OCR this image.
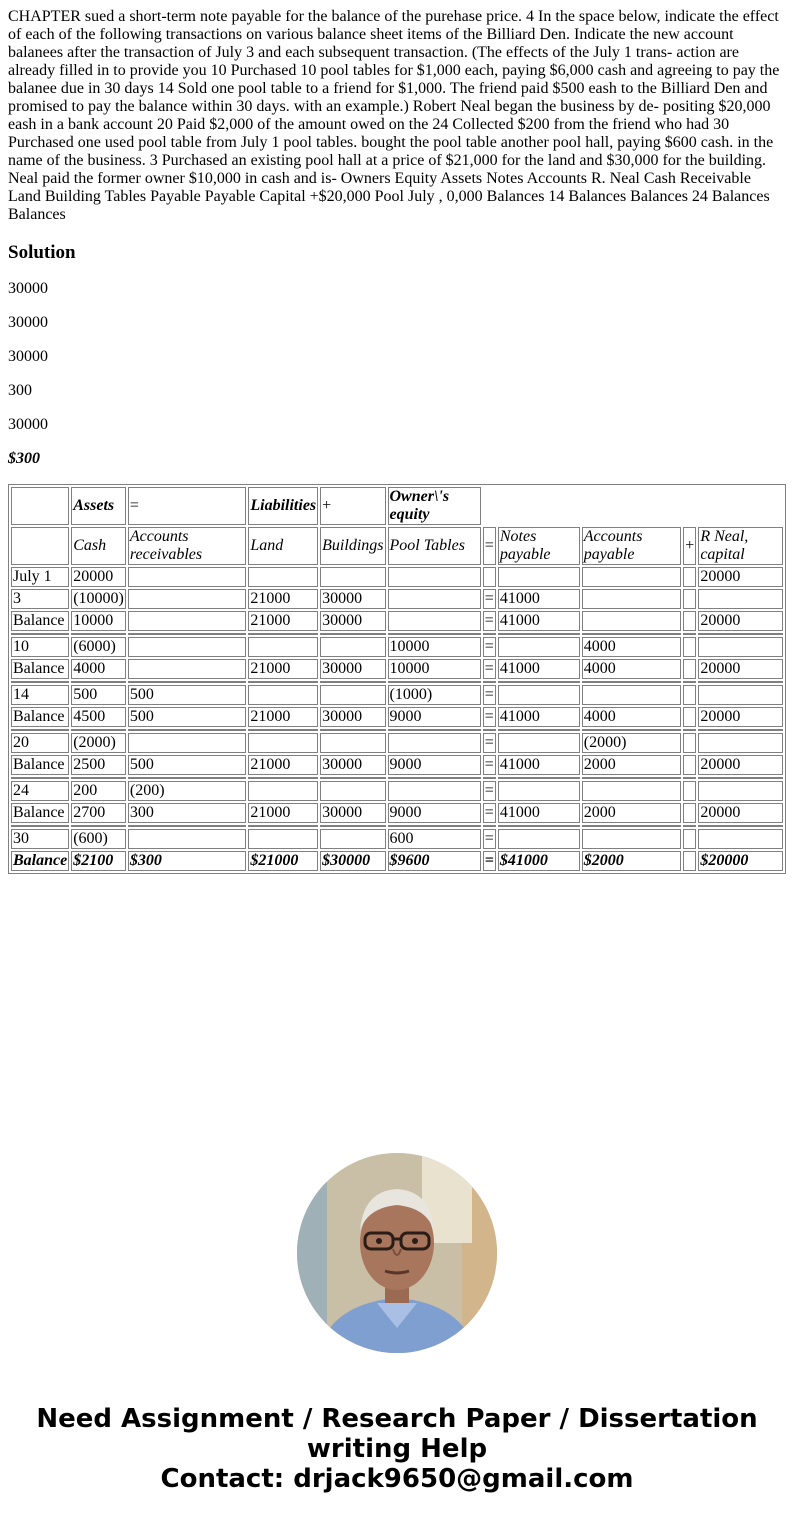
CHAPTER sued a short-term note payable for the balance of the purehase price. 4 In the space below, indicate the effect of each of the following transactions on various balance sheet items of the Billiard Den. Indicate the new account balanees after the transaction of July 3 and each subsequent transaction. (The effects of the July 1 trans- action are already filled in to provide you 10 Purchased 10 pool tables for $1,000 each, paying $6,000 cash and agreeing to pay the balanee due in 30 days 14 Sold one pool table to a friend for $1,000. The friend paid $500 eash to the Billiard Den and promised to pay the balance within 30 days. with an example.) Robert Neal began the business by de- positing $20,000 eash in a bank account 20 Paid $2,000 of the amount owed on the 24 Collected $200 from the friend who had 30 Purchased one used pool table from July 1 pool tables. bought the pool table another pool hall, paying $600 cash. in the name of the business. 3 Purchased an existing pool hall at a price of $21,000 for the land and $30,000 for the building. Neal paid the former owner $10,000 in cash and is- Owners Equity Assets Notes Accounts R. Neal Cash Receivable Land Building Tables Payable Payable Capital +$20,000 Pool July , 0,000 Balances 14 Balances Balances 24 Balances Balances

Solution

30000

30000

30000

300

30000

$300

	Assets	=	Liabilities	+	Owner\'s equity					
	Cash	Accounts receivables	Land	Buildings	Pool Tables	=	Notes payable	Accounts payable	+	R Neal, capital
July 1	20000									20000
3	(10000)		21000	30000		=	41000			
Balance	10000		21000	30000		=	41000			20000

10	(6000)				10000	=		4000		
Balance	4000		21000	30000	10000	=	41000	4000		20000

14	500	500			(1000)	=				
Balance	4500	500	21000	30000	9000	=	41000	4000		20000

20	(2000)					=		(2000)		
Balance	2500	500	21000	30000	9000	=	41000	2000		20000

24	200	(200)				=				
Balance	2700	300	21000	30000	9000	=	41000	2000		20000

30	(600)				600	=				
Balance	$2100	$300	$21000	$30000	$9600	=	$41000	$2000		$20000
Need Assignment / Research Paper / Dissertation
writing Help
Contact: drjack9650@gmail.com
